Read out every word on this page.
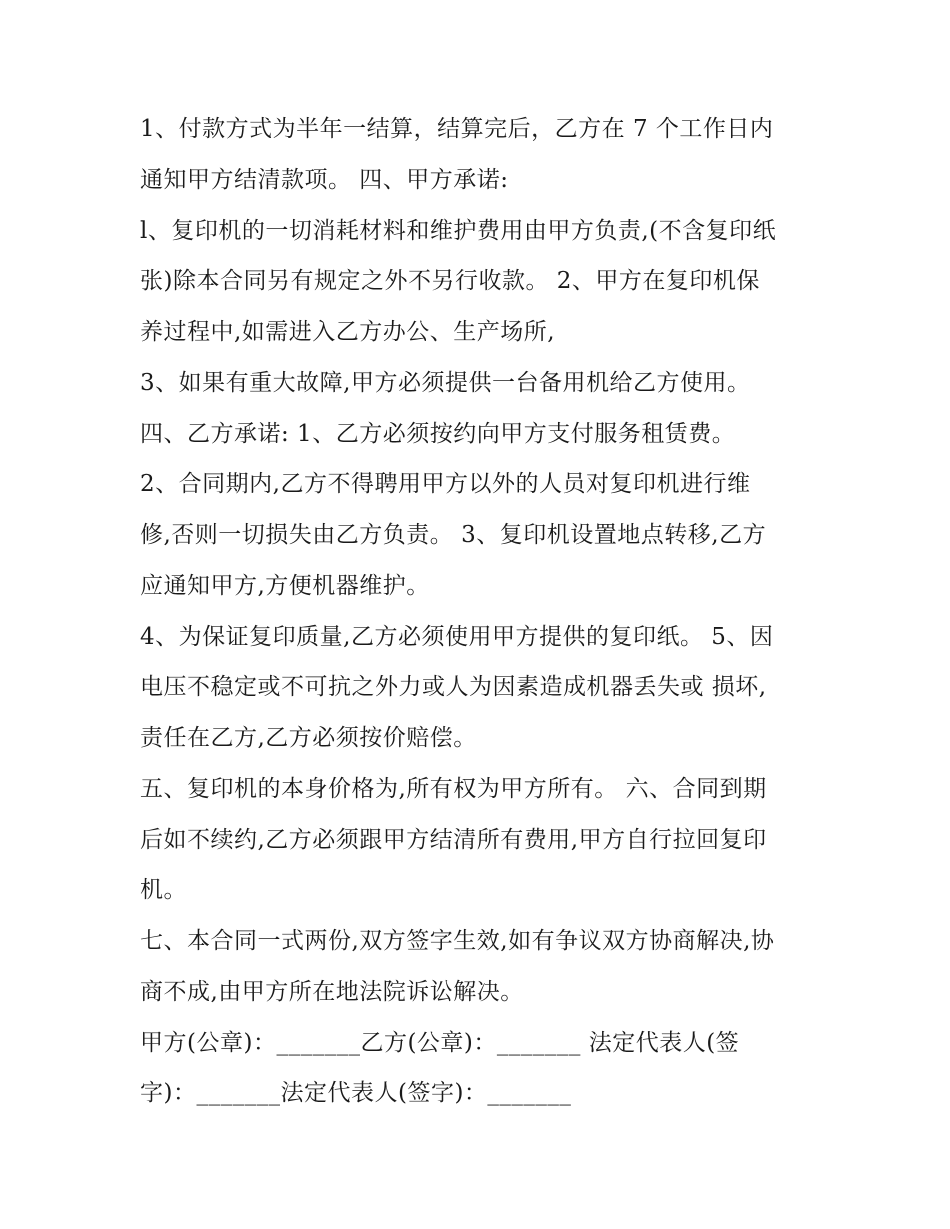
1、付款方式为半年一结算，结算完后，乙方在 7 个工作日内
通知甲方结清款项。 四、甲方承诺:
l、复印机的一切消耗材料和维护费用由甲方负责,(不含复印纸
张)除本合同另有规定之外不另行收款。 2、甲方在复印机保
养过程中,如需进入乙方办公、生产场所,
3、如果有重大故障,甲方必须提供一台备用机给乙方使用。
四、乙方承诺: 1、乙方必须按约向甲方支付服务租赁费。
2、合同期内,乙方不得聘用甲方以外的人员对复印机进行维
修,否则一切损失由乙方负责。 3、复印机设置地点转移,乙方
应通知甲方,方便机器维护。
4、为保证复印质量,乙方必须使用甲方提供的复印纸。 5、因
电压不稳定或不可抗之外力或人为因素造成机器丢失或 损坏,
责任在乙方,乙方必须按价赔偿。
五、复印机的本身价格为,所有权为甲方所有。 六、合同到期
后如不续约,乙方必须跟甲方结清所有费用,甲方自行拉回复印
机。
七、本合同一式两份,双方签字生效,如有争议双方协商解决,协
商不成,由甲方所在地法院诉讼解决。
甲方(公章)：_______乙方(公章)：_______ 法定代表人(签
字)：_______法定代表人(签字)：_______
